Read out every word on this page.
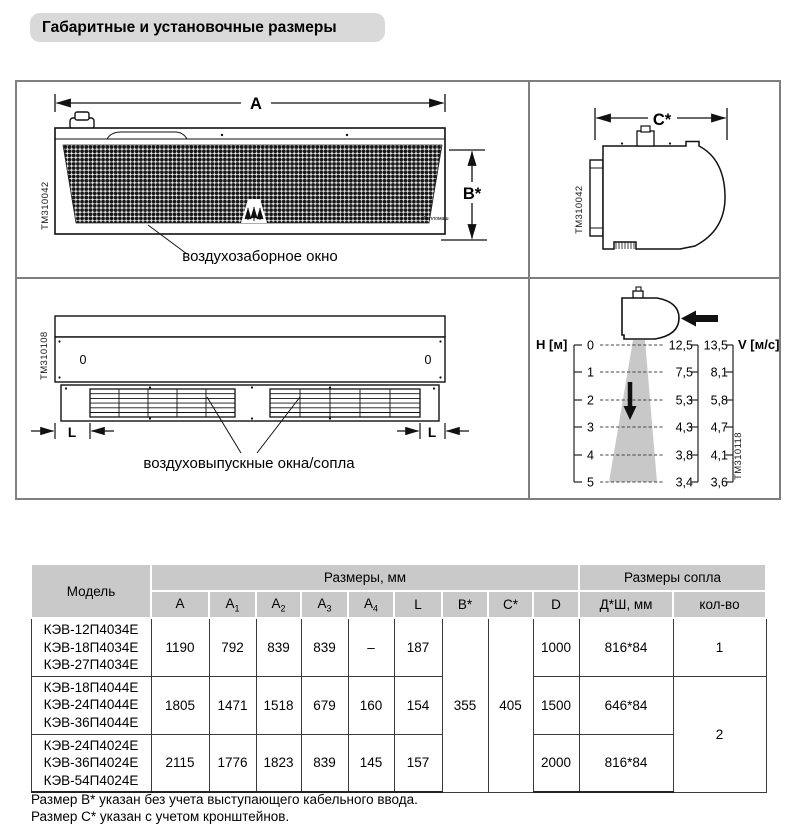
Габаритные и установочные размеры
A
Тепломаш
B*
TM310042
воздухозаборное окно
C*
TM310042
0	0
L	L
воздуховыпускные окна/сопла
TM310108	0
1
2
3
4
5
12,5
7,5
5,3
4,3
3,8
3,4
13,5
8,1
5,8
4,7
4,1
3,6
H [м]	V [м/с]
TM310118
Модель	Размеры, мм									Размеры сопла	
	A	$A_1$	$A_2$	$A_3$	$A_4$	L	B*	C*	D	Д*Ш, мм	кол-во

КЭВ-12П4034Е
КЭВ-18П4034Е
КЭВ-27П4034Е	1190	792	839	839	–	187	355	405	1000	816*84	1

КЭВ-18П4044Е
КЭВ-24П4044Е
КЭВ-36П4044Е	1805	1471	1518	679	160	154			1500	646*84	2

КЭВ-24П4024Е
КЭВ-36П4024Е
КЭВ-54П4024Е	2115	1776	1823	839	145	157			2000	816*84	
Размер B* указан без учета выступающего кабельного ввода.
Размер C* указан с учетом кронштейнов.
